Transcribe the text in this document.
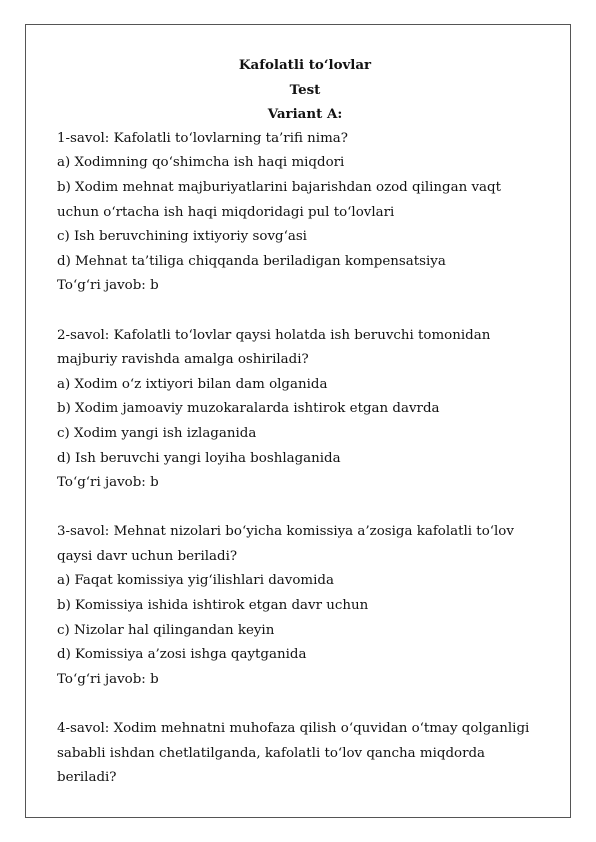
Kafolatli to‘lovlar

Test

Variant A:

1-savol: Kafolatli to‘lovlarning ta’rifi nima?

a) Xodimning qo‘shimcha ish haqi miqdori

b) Xodim mehnat majburiyatlarini bajarishdan ozod qilingan vaqt

uchun o‘rtacha ish haqi miqdoridagi pul to‘lovlari

c) Ish beruvchining ixtiyoriy sovg‘asi

d) Mehnat ta’tiliga chiqqanda beriladigan kompensatsiya

To‘g‘ri javob: b

2-savol: Kafolatli to‘lovlar qaysi holatda ish beruvchi tomonidan

majburiy ravishda amalga oshiriladi?

a) Xodim o‘z ixtiyori bilan dam olganida

b) Xodim jamoaviy muzokaralarda ishtirok etgan davrda

c) Xodim yangi ish izlaganida

d) Ish beruvchi yangi loyiha boshlaganida

To‘g‘ri javob: b

3-savol: Mehnat nizolari bo‘yicha komissiya a’zosiga kafolatli to‘lov

qaysi davr uchun beriladi?

a) Faqat komissiya yig‘ilishlari davomida

b) Komissiya ishida ishtirok etgan davr uchun

c) Nizolar hal qilingandan keyin

d) Komissiya a’zosi ishga qaytganida

To‘g‘ri javob: b

4-savol: Xodim mehnatni muhofaza qilish o‘quvidan o‘tmay qolganligi

sababli ishdan chetlatilganda, kafolatli to‘lov qancha miqdorda

beriladi?
